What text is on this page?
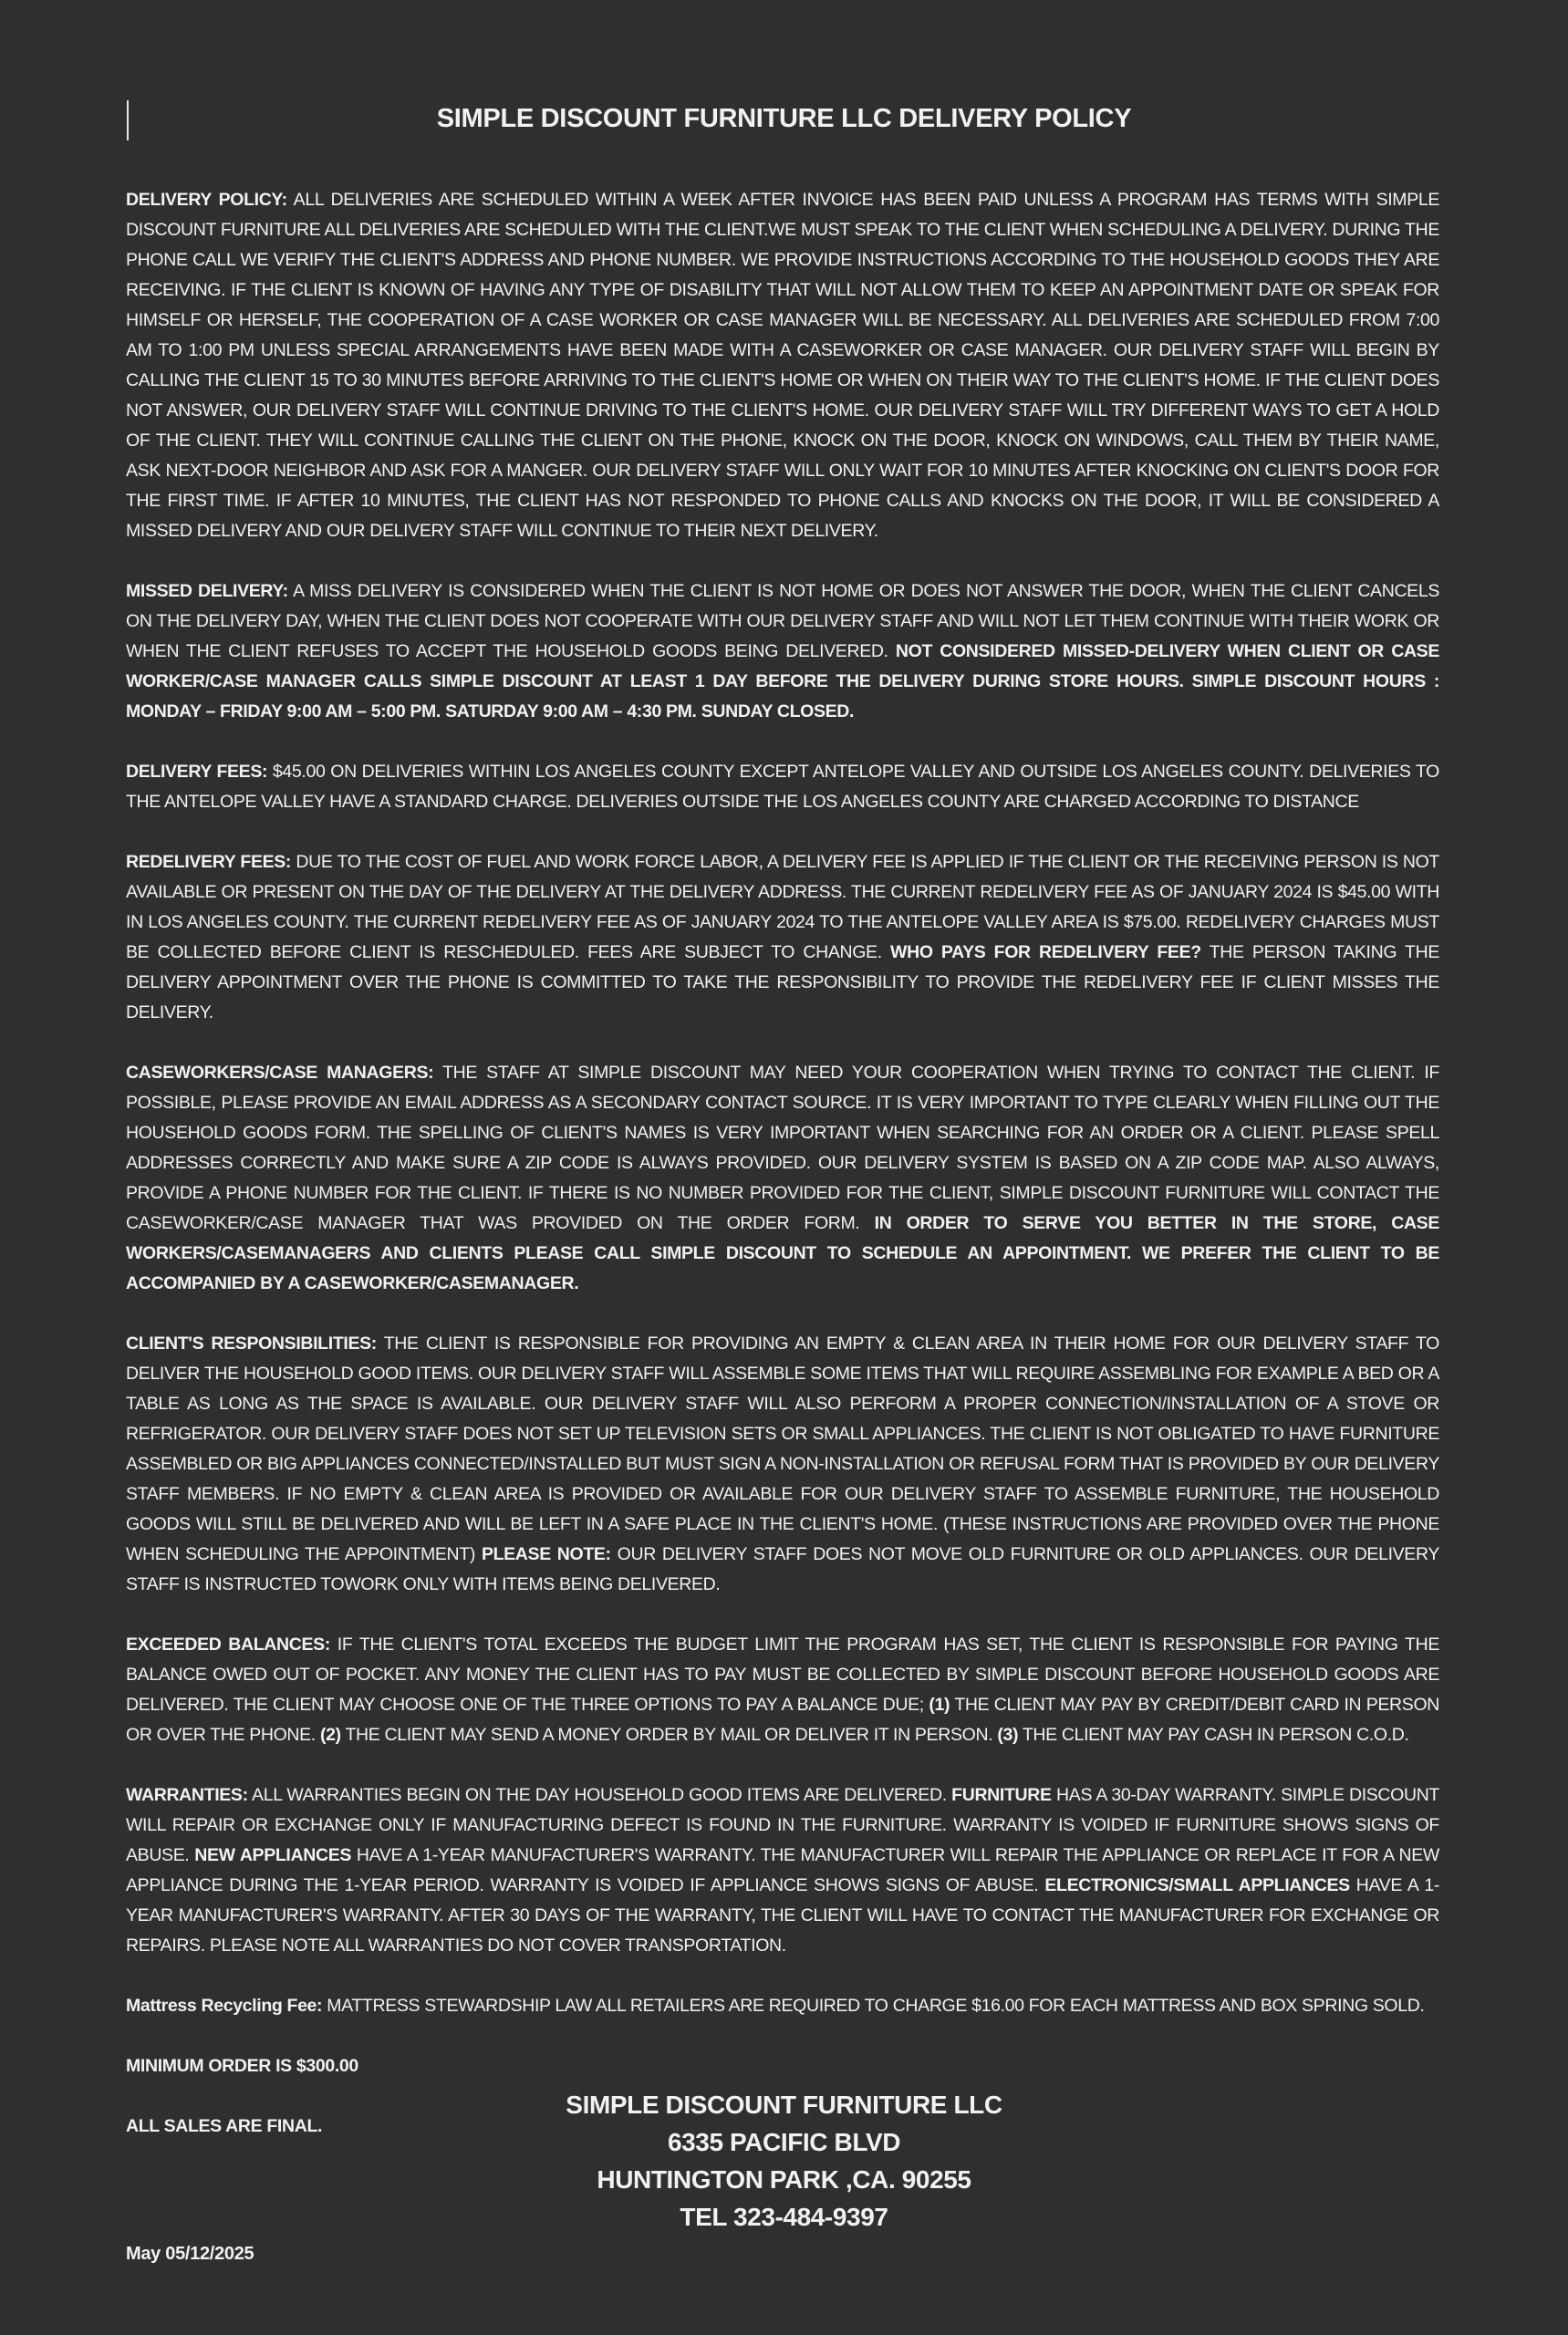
SIMPLE DISCOUNT FURNITURE LLC DELIVERY POLICY

DELIVERY POLICY: ALL DELIVERIES ARE SCHEDULED WITHIN A WEEK AFTER INVOICE HAS BEEN PAID UNLESS A PROGRAM HAS TERMS WITH SIMPLE DISCOUNT FURNITURE ALL DELIVERIES ARE SCHEDULED WITH THE CLIENT.WE MUST SPEAK TO THE CLIENT WHEN SCHEDULING A DELIVERY. DURING THE PHONE CALL WE VERIFY THE CLIENT'S ADDRESS AND PHONE NUMBER. WE PROVIDE INSTRUCTIONS ACCORDING TO THE HOUSEHOLD GOODS THEY ARE RECEIVING. IF THE CLIENT IS KNOWN OF HAVING ANY TYPE OF DISABILITY THAT WILL NOT ALLOW THEM TO KEEP AN APPOINTMENT DATE OR SPEAK FOR HIMSELF OR HERSELF, THE COOPERATION OF A CASE WORKER OR CASE MANAGER WILL BE NECESSARY. ALL DELIVERIES ARE SCHEDULED FROM 7:00 AM TO 1:00 PM UNLESS SPECIAL ARRANGEMENTS HAVE BEEN MADE WITH A CASEWORKER OR CASE MANAGER. OUR DELIVERY STAFF WILL BEGIN BY CALLING THE CLIENT 15 TO 30 MINUTES BEFORE ARRIVING TO THE CLIENT'S HOME OR WHEN ON THEIR WAY TO THE CLIENT'S HOME. IF THE CLIENT DOES NOT ANSWER, OUR DELIVERY STAFF WILL CONTINUE DRIVING TO THE CLIENT'S HOME. OUR DELIVERY STAFF WILL TRY DIFFERENT WAYS TO GET A HOLD OF THE CLIENT. THEY WILL CONTINUE CALLING THE CLIENT ON THE PHONE, KNOCK ON THE DOOR, KNOCK ON WINDOWS, CALL THEM BY THEIR NAME, ASK NEXT-DOOR NEIGHBOR AND ASK FOR A MANGER. OUR DELIVERY STAFF WILL ONLY WAIT FOR 10 MINUTES AFTER KNOCKING ON CLIENT'S DOOR FOR THE FIRST TIME. IF AFTER 10 MINUTES, THE CLIENT HAS NOT RESPONDED TO PHONE CALLS AND KNOCKS ON THE DOOR, IT WILL BE CONSIDERED A MISSED DELIVERY AND OUR DELIVERY STAFF WILL CONTINUE TO THEIR NEXT DELIVERY.

MISSED DELIVERY: A MISS DELIVERY IS CONSIDERED WHEN THE CLIENT IS NOT HOME OR DOES NOT ANSWER THE DOOR, WHEN THE CLIENT CANCELS ON THE DELIVERY DAY, WHEN THE CLIENT DOES NOT COOPERATE WITH OUR DELIVERY STAFF AND WILL NOT LET THEM CONTINUE WITH THEIR WORK OR WHEN THE CLIENT REFUSES TO ACCEPT THE HOUSEHOLD GOODS BEING DELIVERED. NOT CONSIDERED MISSED-DELIVERY WHEN CLIENT OR CASE WORKER/CASE MANAGER CALLS SIMPLE DISCOUNT AT LEAST 1 DAY BEFORE THE DELIVERY DURING STORE HOURS. SIMPLE DISCOUNT HOURS : MONDAY – FRIDAY 9:00 AM – 5:00 PM. SATURDAY 9:00 AM – 4:30 PM. SUNDAY CLOSED.

DELIVERY FEES: $45.00 ON DELIVERIES WITHIN LOS ANGELES COUNTY EXCEPT ANTELOPE VALLEY AND OUTSIDE LOS ANGELES COUNTY. DELIVERIES TO THE ANTELOPE VALLEY HAVE A STANDARD CHARGE. DELIVERIES OUTSIDE THE LOS ANGELES COUNTY ARE CHARGED ACCORDING TO DISTANCE

REDELIVERY FEES: DUE TO THE COST OF FUEL AND WORK FORCE LABOR, A DELIVERY FEE IS APPLIED IF THE CLIENT OR THE RECEIVING PERSON IS NOT AVAILABLE OR PRESENT ON THE DAY OF THE DELIVERY AT THE DELIVERY ADDRESS. THE CURRENT REDELIVERY FEE AS OF JANUARY 2024 IS $45.00 WITH IN LOS ANGELES COUNTY. THE CURRENT REDELIVERY FEE AS OF JANUARY 2024 TO THE ANTELOPE VALLEY AREA IS $75.00. REDELIVERY CHARGES MUST BE COLLECTED BEFORE CLIENT IS RESCHEDULED. FEES ARE SUBJECT TO CHANGE. WHO PAYS FOR REDELIVERY FEE? THE PERSON TAKING THE DELIVERY APPOINTMENT OVER THE PHONE IS COMMITTED TO TAKE THE RESPONSIBILITY TO PROVIDE THE REDELIVERY FEE IF CLIENT MISSES THE DELIVERY.

CASEWORKERS/CASE MANAGERS: THE STAFF AT SIMPLE DISCOUNT MAY NEED YOUR COOPERATION WHEN TRYING TO CONTACT THE CLIENT. IF POSSIBLE, PLEASE PROVIDE AN EMAIL ADDRESS AS A SECONDARY CONTACT SOURCE. IT IS VERY IMPORTANT TO TYPE CLEARLY WHEN FILLING OUT THE HOUSEHOLD GOODS FORM. THE SPELLING OF CLIENT'S NAMES IS VERY IMPORTANT WHEN SEARCHING FOR AN ORDER OR A CLIENT. PLEASE SPELL ADDRESSES CORRECTLY AND MAKE SURE A ZIP CODE IS ALWAYS PROVIDED. OUR DELIVERY SYSTEM IS BASED ON A ZIP CODE MAP. ALSO ALWAYS, PROVIDE A PHONE NUMBER FOR THE CLIENT. IF THERE IS NO NUMBER PROVIDED FOR THE CLIENT, SIMPLE DISCOUNT FURNITURE WILL CONTACT THE CASEWORKER/CASE MANAGER THAT WAS PROVIDED ON THE ORDER FORM. IN ORDER TO SERVE YOU BETTER IN THE STORE, CASE WORKERS/CASEMANAGERS AND CLIENTS PLEASE CALL SIMPLE DISCOUNT TO SCHEDULE AN APPOINTMENT. WE PREFER THE CLIENT TO BE ACCOMPANIED BY A CASEWORKER/CASEMANAGER.

CLIENT'S RESPONSIBILITIES: THE CLIENT IS RESPONSIBLE FOR PROVIDING AN EMPTY & CLEAN AREA IN THEIR HOME FOR OUR DELIVERY STAFF TO DELIVER THE HOUSEHOLD GOOD ITEMS. OUR DELIVERY STAFF WILL ASSEMBLE SOME ITEMS THAT WILL REQUIRE ASSEMBLING FOR EXAMPLE A BED OR A TABLE AS LONG AS THE SPACE IS AVAILABLE. OUR DELIVERY STAFF WILL ALSO PERFORM A PROPER CONNECTION/INSTALLATION OF A STOVE OR REFRIGERATOR. OUR DELIVERY STAFF DOES NOT SET UP TELEVISION SETS OR SMALL APPLIANCES. THE CLIENT IS NOT OBLIGATED TO HAVE FURNITURE ASSEMBLED OR BIG APPLIANCES CONNECTED/INSTALLED BUT MUST SIGN A NON-INSTALLATION OR REFUSAL FORM THAT IS PROVIDED BY OUR DELIVERY STAFF MEMBERS. IF NO EMPTY & CLEAN AREA IS PROVIDED OR AVAILABLE FOR OUR DELIVERY STAFF TO ASSEMBLE FURNITURE, THE HOUSEHOLD GOODS WILL STILL BE DELIVERED AND WILL BE LEFT IN A SAFE PLACE IN THE CLIENT'S HOME. (THESE INSTRUCTIONS ARE PROVIDED OVER THE PHONE WHEN SCHEDULING THE APPOINTMENT) PLEASE NOTE: OUR DELIVERY STAFF DOES NOT MOVE OLD FURNITURE OR OLD APPLIANCES. OUR DELIVERY STAFF IS INSTRUCTED TOWORK ONLY WITH ITEMS BEING DELIVERED.

EXCEEDED BALANCES: IF THE CLIENT'S TOTAL EXCEEDS THE BUDGET LIMIT THE PROGRAM HAS SET, THE CLIENT IS RESPONSIBLE FOR PAYING THE BALANCE OWED OUT OF POCKET. ANY MONEY THE CLIENT HAS TO PAY MUST BE COLLECTED BY SIMPLE DISCOUNT BEFORE HOUSEHOLD GOODS ARE DELIVERED. THE CLIENT MAY CHOOSE ONE OF THE THREE OPTIONS TO PAY A BALANCE DUE; (1) THE CLIENT MAY PAY BY CREDIT/DEBIT CARD IN PERSON OR OVER THE PHONE. (2) THE CLIENT MAY SEND A MONEY ORDER BY MAIL OR DELIVER IT IN PERSON. (3) THE CLIENT MAY PAY CASH IN PERSON C.O.D.

WARRANTIES: ALL WARRANTIES BEGIN ON THE DAY HOUSEHOLD GOOD ITEMS ARE DELIVERED. FURNITURE HAS A 30-DAY WARRANTY. SIMPLE DISCOUNT WILL REPAIR OR EXCHANGE ONLY IF MANUFACTURING DEFECT IS FOUND IN THE FURNITURE. WARRANTY IS VOIDED IF FURNITURE SHOWS SIGNS OF ABUSE. NEW APPLIANCES HAVE A 1-YEAR MANUFACTURER'S WARRANTY. THE MANUFACTURER WILL REPAIR THE APPLIANCE OR REPLACE IT FOR A NEW APPLIANCE DURING THE 1-YEAR PERIOD. WARRANTY IS VOIDED IF APPLIANCE SHOWS SIGNS OF ABUSE. ELECTRONICS/SMALL APPLIANCES HAVE A 1-YEAR MANUFACTURER'S WARRANTY. AFTER 30 DAYS OF THE WARRANTY, THE CLIENT WILL HAVE TO CONTACT THE MANUFACTURER FOR EXCHANGE OR REPAIRS. PLEASE NOTE ALL WARRANTIES DO NOT COVER TRANSPORTATION.

Mattress Recycling Fee: MATTRESS STEWARDSHIP LAW ALL RETAILERS ARE REQUIRED TO CHARGE $16.00 FOR EACH MATTRESS AND BOX SPRING SOLD.

MINIMUM ORDER IS $300.00

ALL SALES ARE FINAL.

SIMPLE DISCOUNT FURNITURE LLC
6335 PACIFIC BLVD
HUNTINGTON PARK ,CA. 90255
TEL 323-484-9397
May 05/12/2025
